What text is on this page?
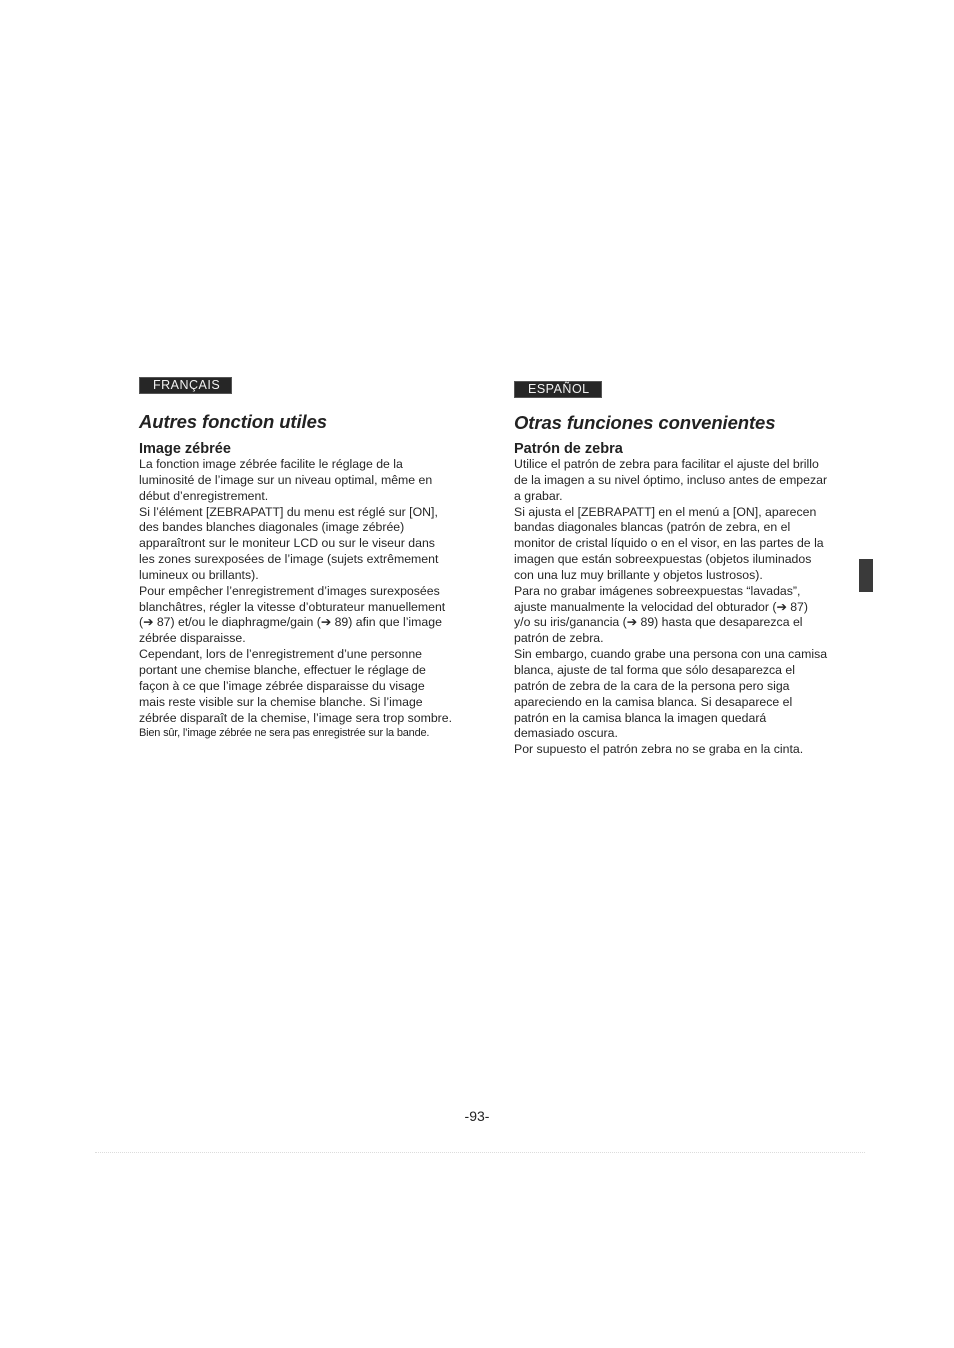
FRANÇAIS
Autres fonction utiles
Image zébrée

La fonction image zébrée facilite le réglage de la
luminosité de l’image sur un niveau optimal, même en
début d’enregistrement.
Si l’élément [ZEBRAPATT] du menu est réglé sur [ON],
des bandes blanches diagonales (image zébrée)
apparaîtront sur le moniteur LCD ou sur le viseur dans
les zones surexposées de l’image (sujets extrêmement
lumineux ou brillants).
Pour empêcher l’enregistrement d’images surexposées
blanchâtres, régler la vitesse d’obturateur manuellement
(➔ 87) et/ou le diaphragme/gain (➔ 89) afin que l’image
zébrée disparaisse.
Cependant, lors de l’enregistrement d’une personne
portant une chemise blanche, effectuer le réglage de
façon à ce que l’image zébrée disparaisse du visage
mais reste visible sur la chemise blanche. Si l’image
zébrée disparaît de la chemise, l’image sera trop sombre.
Bien sûr, l’image zébrée ne sera pas enregistrée sur la bande.

ESPAÑOL
Otras funciones convenientes
Patrón de zebra

Utilice el patrón de zebra para facilitar el ajuste del brillo
de la imagen a su nivel óptimo, incluso antes de empezar
a grabar.
Si ajusta el [ZEBRAPATT] en el menú a [ON], aparecen
bandas diagonales blancas (patrón de zebra, en el
monitor de cristal líquido o en el visor, en las partes de la
imagen que están sobreexpuestas (objetos iluminados
con una luz muy brillante y objetos lustrosos).
Para no grabar imágenes sobreexpuestas “lavadas”,
ajuste manualmente la velocidad del obturador (➔ 87)
y/o su iris/ganancia (➔ 89) hasta que desaparezca el
patrón de zebra.
Sin embargo, cuando grabe una persona con una camisa
blanca, ajuste de tal forma que sólo desaparezca el
patrón de zebra de la cara de la persona pero siga
apareciendo en la camisa blanca. Si desaparece el
patrón en la camisa blanca la imagen quedará
demasiado oscura.
Por supuesto el patrón zebra no se graba en la cinta.

-93-
